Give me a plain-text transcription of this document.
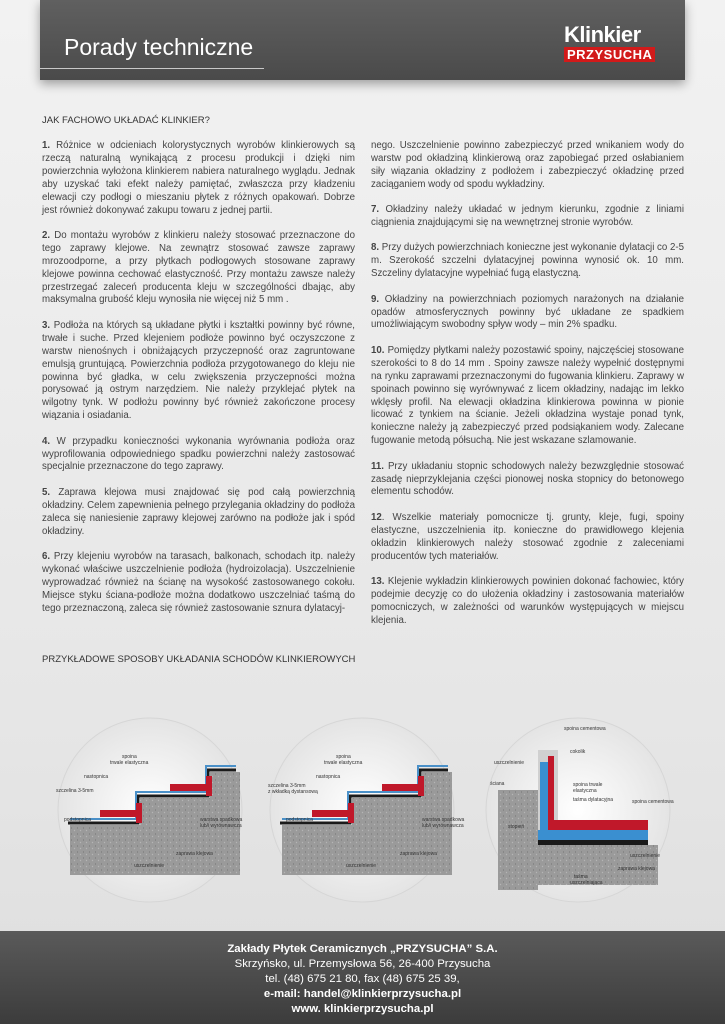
Porady techniczne	Klinkier
PRZYSUCHA
JAK FACHOWO UKŁADAĆ KLINKIER?

1. Różnice w odcieniach kolorystycznych wyrobów klinkierowych są rzeczą naturalną wynikającą z procesu produkcji i dzięki nim powierzchnia wyłożona klinkierem nabiera naturalnego wyglądu. Jednak aby uzyskać taki efekt należy pamiętać, zwłaszcza przy kładzeniu elewacji czy podłogi o mieszaniu płytek z różnych opakowań. Dobrze jest również dokonywać zakupu towaru z jednej partii.

2. Do montażu wyrobów z klinkieru należy stosować przeznaczone do tego zaprawy klejowe. Na zewnątrz stosować zawsze zaprawy mrozoodporne, a przy płytkach podłogowych stosowane zaprawy klejowe powinna cechować elastyczność. Przy montażu zawsze należy przestrzegać zaleceń producenta kleju w szczególności dbając, aby maksymalna grubość kleju wynosiła nie więcej niż 5 mm .

3. Podłoża na których są układane płytki i kształtki powinny być równe, trwałe i suche. Przed klejeniem podłoże powinno być oczyszczone z warstw nienośnych i obniżających przyczepność oraz zagruntowane emulsją gruntującą. Powierzchnia podłoża przygotowanego do kleju nie powinna być gładka, w celu zwiększenia przyczepności można porysować ją ostrym narzędziem. Nie należy przyklejać płytek na wilgotny tynk. W podłożu powinny być również zakończone procesy wiązania i osiadania.

4. W przypadku konieczności wykonania wyrównania podłoża oraz wyprofilowania odpowiedniego spadku powierzchni należy zastosować specjalnie przeznaczone do tego zaprawy.

5. Zaprawa klejowa musi znajdować się pod całą powierzchnią okładziny. Celem zapewnienia pełnego przylegania okładziny do podłoża zaleca się naniesienie zaprawy klejowej zarówno na podłoże jak i spód okładziny.

6. Przy klejeniu wyrobów na tarasach, balkonach, schodach itp. należy wykonać właściwe uszczelnienie podłoża (hydroizolacja). Uszczelnienie wyprowadzać również na ścianę na wysokość zastosowanego cokołu. Miejsce styku ściana-podłoże można dodatkowo uszczelniać taśmą do tego przeznaczoną, zaleca się również zastosowanie sznura dylatacyj-

nego. Uszczelnienie powinno zabezpieczyć przed wnikaniem wody do warstw pod okładziną klinkierową oraz zapobiegać przed osłabianiem siły wiązania okładziny z podłożem i zabezpieczyć okładzinę przed zaciąganiem wody od spodu wykładziny.

7. Okładziny należy układać w jednym kierunku, zgodnie z liniami ciągnienia znajdującymi się na wewnętrznej stronie wyrobów.

8. Przy dużych powierzchniach konieczne jest wykonanie dylatacji co 2-5 m. Szerokość szczelni dylatacyjnej powinna wynosić ok. 10 mm. Szczeliny dylatacyjne wypełniać fugą elastyczną.

9. Okładziny na powierzchniach poziomych narażonych na działanie opadów atmosferycznych powinny być układane ze spadkiem umożliwiającym swobodny spływ wody – min 2% spadku.

10. Pomiędzy płytkami należy pozostawić spoiny, najczęściej stosowane szerokości to 8 do 14 mm . Spoiny zawsze należy wypełnić dostępnymi na rynku zaprawami przeznaczonymi do fugowania klinkieru. Zaprawy w spoinach powinno się wyrównywać z licem okładziny, nadając im lekko wklęsły profil. Na elewacji okładzina klinkierowa powinna w pionie licować z tynkiem na ścianie. Jeżeli okładzina wystaje ponad tynk, konieczne należy ją zabezpieczyć przed podsiąkaniem wody. Zalecane fugowanie metodą półsuchą. Nie jest wskazane szlamowanie.

11. Przy układaniu stopnic schodowych należy bezwzględnie stosować zasadę nieprzyklejania części pionowej noska stopnicy do betonowego elementu schodów.

12. Wszelkie materiały pomocnicze tj. grunty, kleje, fugi, spoiny elastyczne, uszczelnienia itp. konieczne do prawidłowego klejenia okładzin klinkierowych należy stosować zgodnie z zaleceniami producentów tych materiałów.

13. Klejenie wykładzin klinkierowych powinien dokonać fachowiec, który podejmie decyzję co do ułożenia okładziny i zastosowania materiałów pomocniczych, w zależności od warunków występujących w miejscu klejenia.

PRZYKŁADOWE SPOSOBY UKŁADANIA SCHODÓW KLINKIEROWYCH
spoina
trwale elastyczna
nastopnica
szczelina 3-5mm
podstopnica	warstwa spadkowa
lub/i wyrównawcza
zaprawa klejowa
uszczelnienie
spoina
trwale elastyczna
nastopnica
szczelina 3-5mm
z wkładką dystansową
podstopnica	warstwa spadkowa
lub/i wyrównawcza
zaprawa klejowa
uszczelnienie
spoina cementowa
cokolik
uszczelnienie
ściana	spoina trwale
elastyczna
taśma dylatacyjna	spoina cementowa
stopień
uszczelnienie
zaprawa klejowa
taśma
uszczelniająca
Zakłady Płytek Ceramicznych „PRZYSUCHA” S.A.
Skrzyńsko, ul. Przemysłowa 56, 26-400 Przysucha
tel. (48) 675 21 80, fax (48) 675 25 39,
e-mail: handel@klinkierprzysucha.pl
www. klinkierprzysucha.pl
